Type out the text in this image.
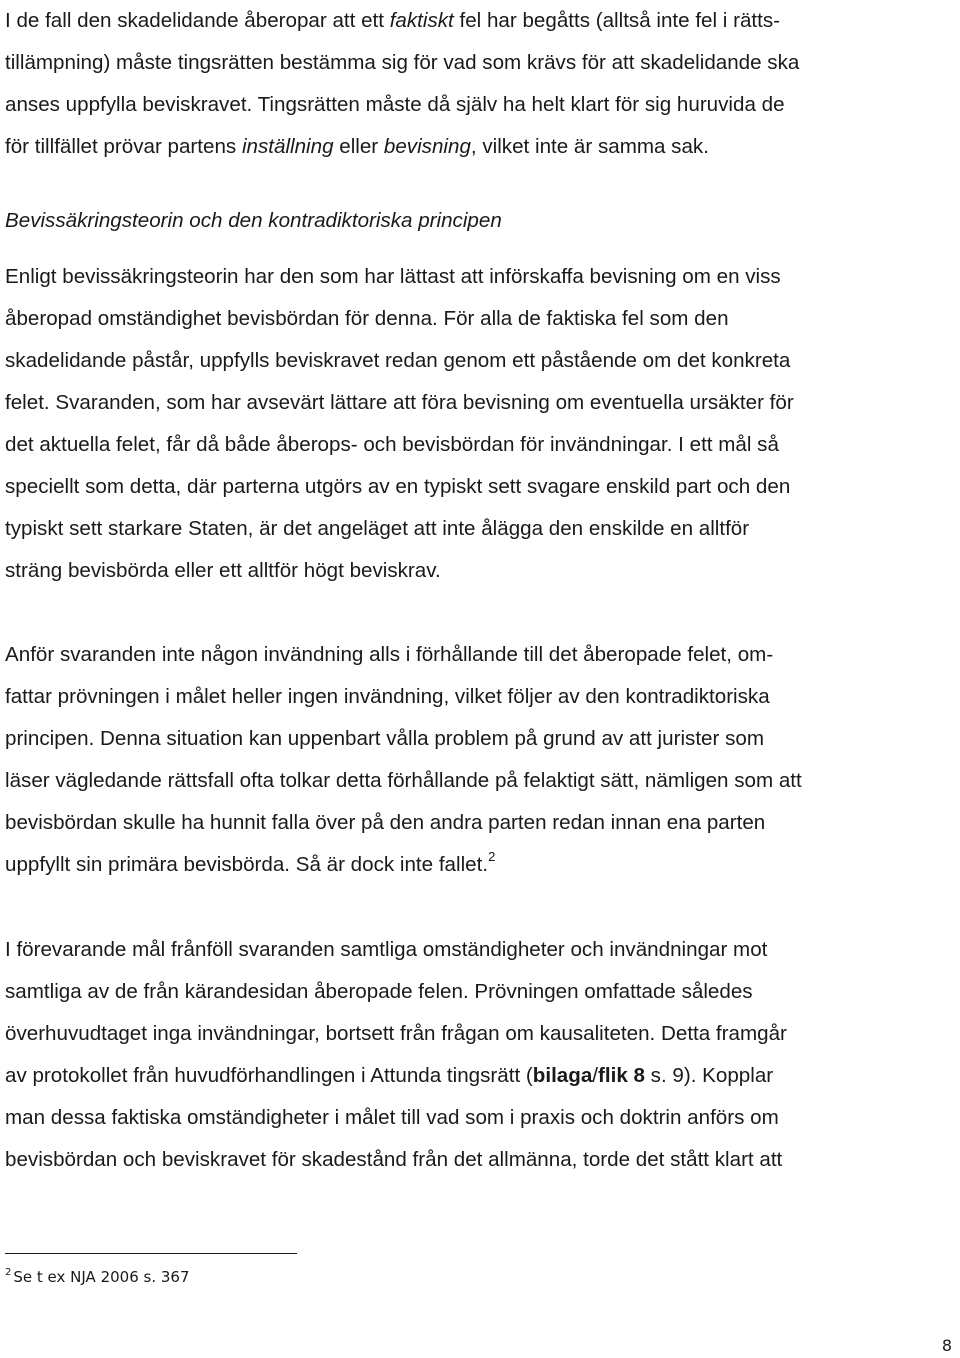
I de fall den skadelidande åberopar att ett faktiskt fel har begåtts (alltså inte fel i rätts-
tillämpning) måste tingsrätten bestämma sig för vad som krävs för att skadelidande ska
anses uppfylla beviskravet. Tingsrätten måste då själv ha helt klart för sig huruvida de
för tillfället prövar partens inställning eller bevisning, vilket inte är samma sak.

Bevissäkringsteorin och den kontradiktoriska principen

Enligt bevissäkringsteorin har den som har lättast att införskaffa bevisning om en viss
åberopad omständighet bevisbördan för denna. För alla de faktiska fel som den
skadelidande påstår, uppfylls beviskravet redan genom ett påstående om det konkreta
felet. Svaranden, som har avsevärt lättare att föra bevisning om eventuella ursäkter för
det aktuella felet, får då både åberops- och bevisbördan för invändningar. I ett mål så
speciellt som detta, där parterna utgörs av en typiskt sett svagare enskild part och den
typiskt sett starkare Staten, är det angeläget att inte ålägga den enskilde en alltför
sträng bevisbörda eller ett alltför högt beviskrav.

Anför svaranden inte någon invändning alls i förhållande till det åberopade felet, om-
fattar prövningen i målet heller ingen invändning, vilket följer av den kontradiktoriska
principen. Denna situation kan uppenbart vålla problem på grund av att jurister som
läser vägledande rättsfall ofta tolkar detta förhållande på felaktigt sätt, nämligen som att
bevisbördan skulle ha hunnit falla över på den andra parten redan innan ena parten
uppfyllt sin primära bevisbörda. Så är dock inte fallet.$^2$

I förevarande mål frånföll svaranden samtliga omständigheter och invändningar mot
samtliga av de från kärandesidan åberopade felen. Prövningen omfattade således
överhuvudtaget inga invändningar, bortsett från frågan om kausaliteten. Detta framgår
av protokollet från huvudförhandlingen i Attunda tingsrätt (bilaga/flik 8 s. 9). Kopplar
man dessa faktiska omständigheter i målet till vad som i praxis och doktrin anförs om
bevisbördan och beviskravet för skadestånd från det allmänna, torde det stått klart att

$^2$ Se t ex NJA 2006 s. 367

8
